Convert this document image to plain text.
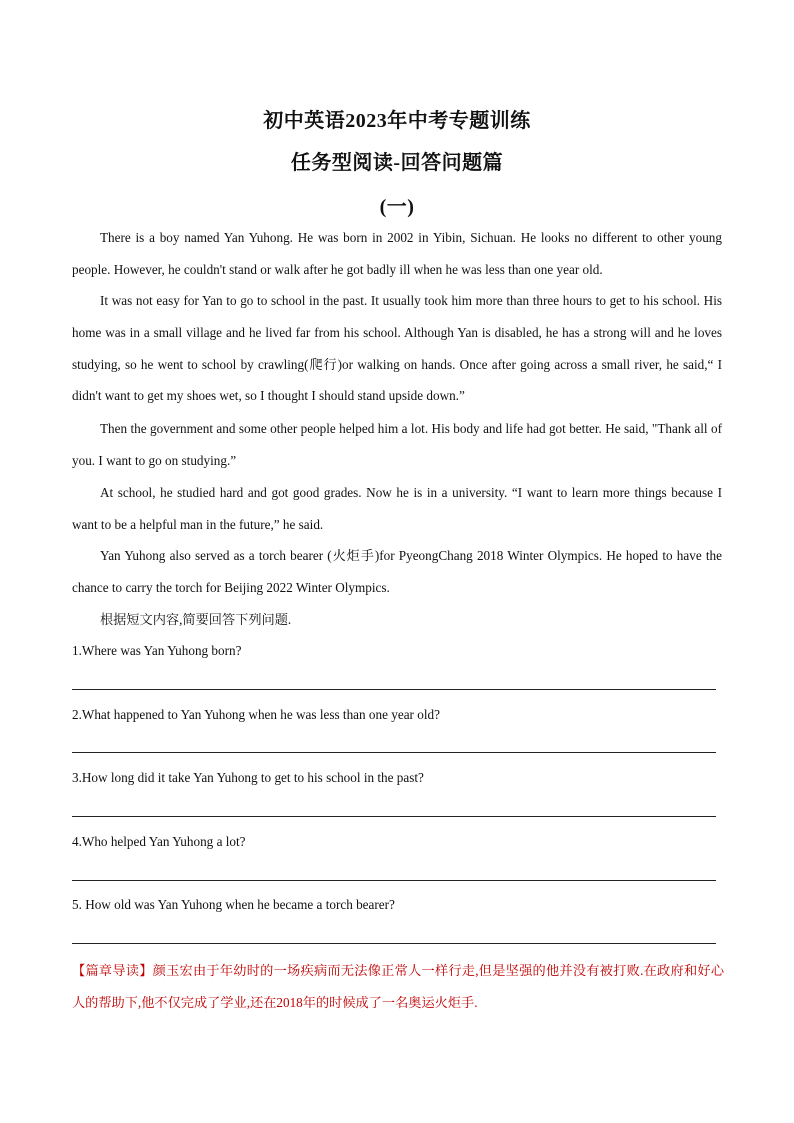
初中英语2023年中考专题训练
任务型阅读-回答问题篇
(一)

There is a boy named Yan Yuhong. He was born in 2002 in Yibin, Sichuan. He looks no different to other young people. However, he couldn't stand or walk after he got badly ill when he was less than one year old.

It was not easy for Yan to go to school in the past. It usually took him more than three hours to get to his school. His home was in a small village and he lived far from his school. Although Yan is disabled, he has a strong will and he loves studying, so he went to school by crawling(爬行)or walking on hands. Once after going across a small river, he said,“ I didn't want to get my shoes wet, so I thought I should stand upside down.”

Then the government and some other people helped him a lot. His body and life had got better. He said, "Thank all of you. I want to go on studying.”

At school, he studied hard and got good grades. Now he is in a university. “I want to learn more things because I want to be a helpful man in the future,” he said.

Yan Yuhong also served as a torch bearer (火炬手)for PyeongChang 2018 Winter Olympics. He hoped to have the chance to carry the torch for Beijing 2022 Winter Olympics.

根据短文内容,简要回答下列问题.
1.Where was Yan Yuhong born?
2.What happened to Yan Yuhong when he was less than one year old?
3.How long did it take Yan Yuhong to get to his school in the past?
4.Who helped Yan Yuhong a lot?
5. How old was Yan Yuhong when he became a torch bearer?

【篇章导读】颜玉宏由于年幼时的一场疾病而无法像正常人一样行走,但是坚强的他并没有被打败.在政府和好心人的帮助下,他不仅完成了学业,还在2018年的时候成了一名奥运火炬手.
